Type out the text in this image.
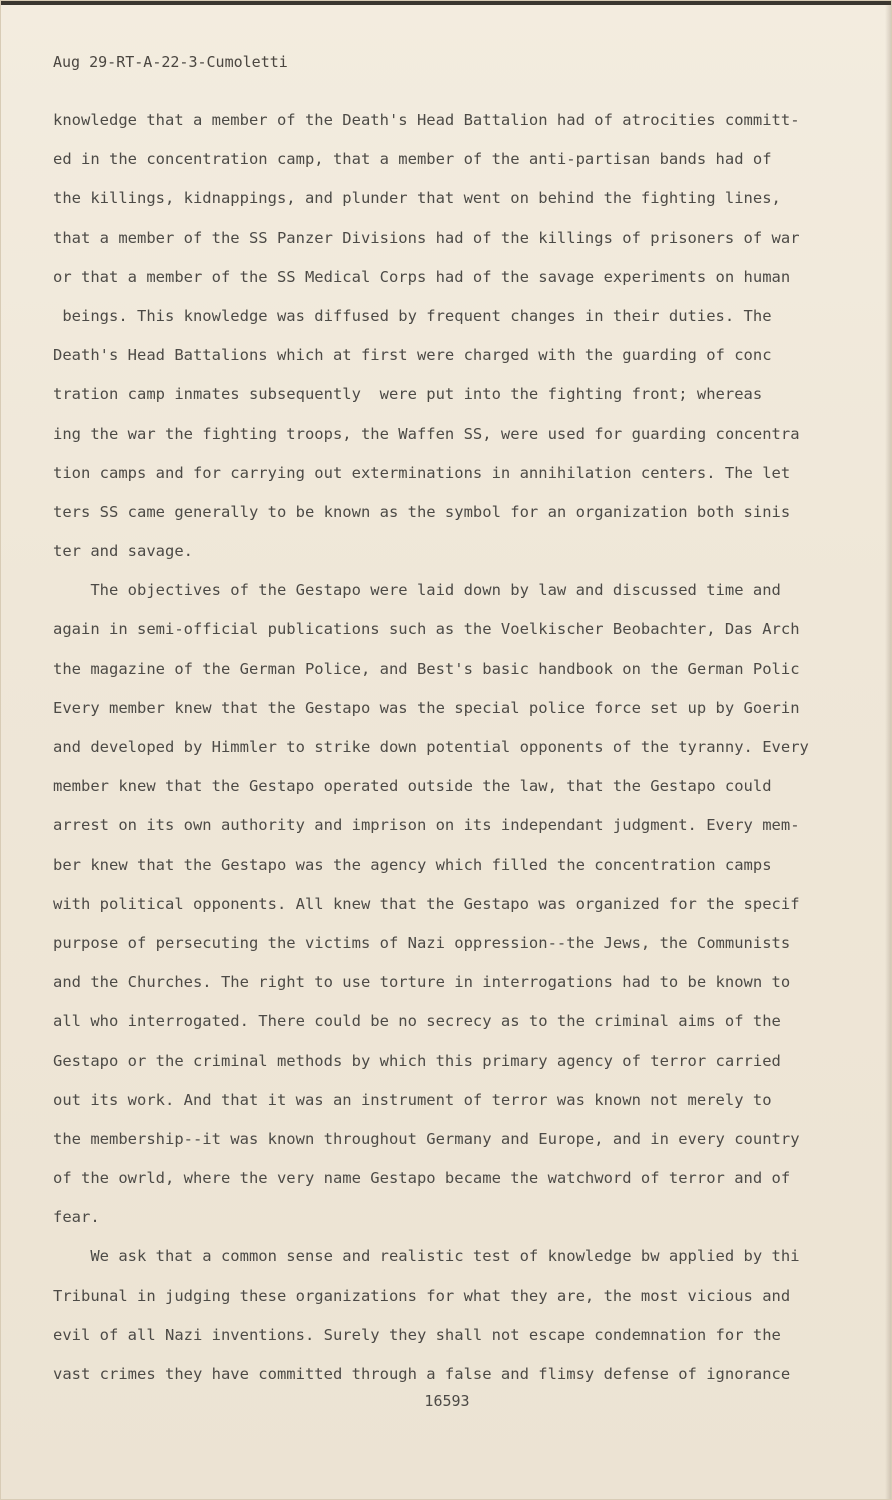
Aug 29-RT-A-22-3-Cumoletti
knowledge that a member of the Death's Head Battalion had of atrocities committ-
ed in the concentration camp, that a member of the anti-partisan bands had of
the killings, kidnappings, and plunder that went on behind the fighting lines,
that a member of the SS Panzer Divisions had of the killings of prisoners of war
or that a member of the SS Medical Corps had of the savage experiments on human
beings. This knowledge was diffused by frequent changes in their duties. The
Death's Head Battalions which at first were charged with the guarding of conc
tration camp inmates subsequently  were put into the fighting front; whereas
ing the war the fighting troops, the Waffen SS, were used for guarding concentra
tion camps and for carrying out exterminations in annihilation centers. The let
ters SS came generally to be known as the symbol for an organization both sinis
ter and savage.
The objectives of the Gestapo were laid down by law and discussed time and
again in semi-official publications such as the Voelkischer Beobachter, Das Arch
the magazine of the German Police, and Best's basic handbook on the German Polic
Every member knew that the Gestapo was the special police force set up by Goerin
and developed by Himmler to strike down potential opponents of the tyranny. Every
member knew that the Gestapo operated outside the law, that the Gestapo could
arrest on its own authority and imprison on its independant judgment. Every mem-
ber knew that the Gestapo was the agency which filled the concentration camps
with political opponents. All knew that the Gestapo was organized for the specif
purpose of persecuting the victims of Nazi oppression--the Jews, the Communists
and the Churches. The right to use torture in interrogations had to be known to
all who interrogated. There could be no secrecy as to the criminal aims of the
Gestapo or the criminal methods by which this primary agency of terror carried
out its work. And that it was an instrument of terror was known not merely to
the membership--it was known throughout Germany and Europe, and in every country
of the owrld, where the very name Gestapo became the watchword of terror and of
fear.
We ask that a common sense and realistic test of knowledge bw applied by thi
Tribunal in judging these organizations for what they are, the most vicious and
evil of all Nazi inventions. Surely they shall not escape condemnation for the
vast crimes they have committed through a false and flimsy defense of ignorance
16593
